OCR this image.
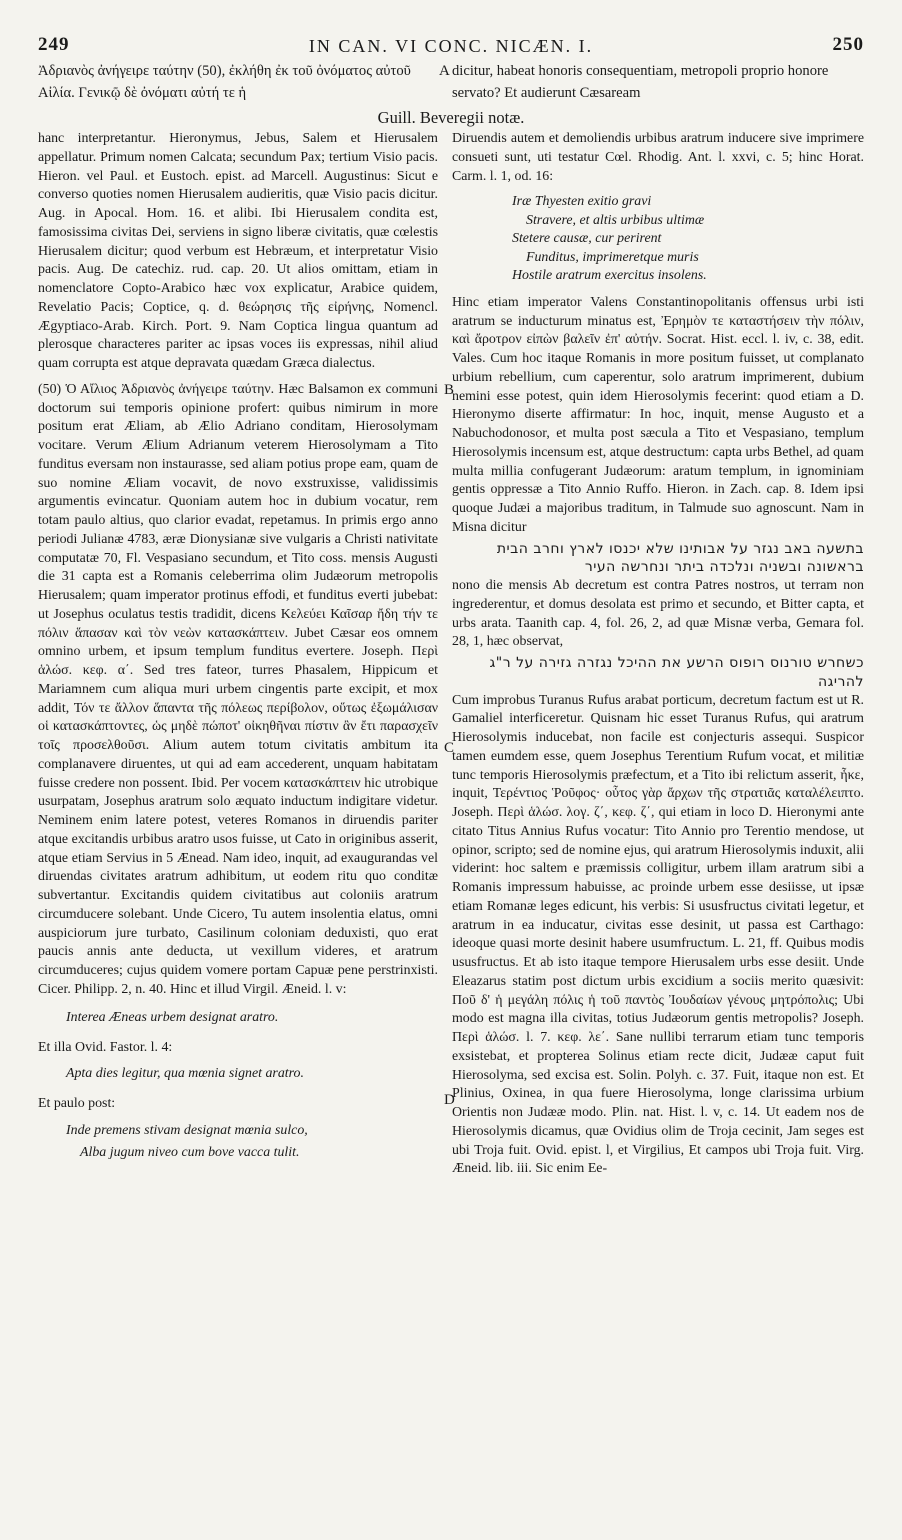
249	IN CAN. VI CONC. NICÆN. I.	250
Ἀδριανὸς ἀνήγειρε ταύτην (50), ἐκλήθη ἐκ τοῦ ὀνόματος αὐτοῦ Αἰλία. Γενικῷ δὲ ὀνόματι αὐτή τε ἡ
A dicitur, habeat honoris consequentiam, metropoli proprio honore servato? Et audierunt Cæsaream
Guill. Beveregii notæ.

hanc interpretantur. Hieronymus, Jebus, Salem et Hierusalem appellatur. Primum nomen Calcata; secundum Pax; tertium Visio pacis. Hieron. vel Paul. et Eustoch. epist. ad Marcell. Augustinus: Sicut e converso quoties nomen Hierusalem audieritis, quæ Visio pacis dicitur. Aug. in Apocal. Hom. 16. et alibi. Ibi Hierusalem condita est, famosissima civitas Dei, serviens in signo liberæ civitatis, quæ cœlestis Hierusalem dicitur; quod verbum est Hebræum, et interpretatur Visio pacis. Aug. De catechiz. rud. cap. 20. Ut alios omittam, etiam in nomenclatore Copto-Arabico hæc vox explicatur, Arabice quidem, Revelatio Pacis; Coptice, q. d. θεώρησις τῆς εἰρήνης, Nomencl. Ægyptiaco-Arab. Kirch. Port. 9. Nam Coptica lingua quantum ad plerosque characteres pariter ac ipsas voces iis expressas, nihil aliud quam corrupta est atque depravata quædam Græca dialectus.

(50) Ὁ Αἴλιος Ἀδριανὸς ἀνήγειρε ταύτην. Hæc Balsamon ex communi doctorum sui temporis opinione profert: quibus nimirum in more positum erat Æliam, ab Ælio Adriano conditam, Hierosolymam vocitare. Verum Ælium Adrianum veterem Hierosolymam a Tito funditus eversam non instaurasse, sed aliam potius prope eam, quam de suo nomine Æliam vocavit, de novo exstruxisse, validissimis argumentis evincatur. Quoniam autem hoc in dubium vocatur, rem totam paulo altius, quo clarior evadat, repetamus. In primis ergo anno periodi Julianæ 4783, æræ Dionysianæ sive vulgaris a Christi nativitate computatæ 70, Fl. Vespasiano secundum, et Tito coss. mensis Augusti die 31 capta est a Romanis celeberrima olim Judæorum metropolis Hierusalem; quam imperator protinus effodi, et funditus everti jubebat: ut Josephus oculatus testis tradidit, dicens Κελεύει Καῖσαρ ἤδη τήν τε πόλιν ἅπασαν καὶ τὸν νεὼν κατασκάπτειν. Jubet Cæsar eos omnem omnino urbem, et ipsum templum funditus evertere. Joseph. Περὶ ἁλώσ. κεφ. α΄. Sed tres fateor, turres Phasalem, Hippicum et Mariamnem cum aliqua muri urbem cingentis parte excipit, et mox addit, Τόν τε ἄλλον ἅπαντα τῆς πόλεως περίβολον, οὕτως ἐξωμάλισαν οἱ κατασκάπτοντες, ὡς μηδὲ πώποτ' οἰκηθῆναι πίστιν ἂν ἔτι παρασχεῖν τοῖς προσελθοῦσι. Alium autem totum civitatis ambitum ita complanavere diruentes, ut qui ad eam accederent, unquam habitatam fuisse credere non possent. Ibid. Per vocem κατασκάπτειν hic utrobique usurpatam, Josephus aratrum solo æquato inductum indigitare videtur. Neminem enim latere potest, veteres Romanos in diruendis pariter atque excitandis urbibus aratro usos fuisse, ut Cato in originibus asserit, atque etiam Servius in 5 Ænead. Nam ideo, inquit, ad exaugurandas vel diruendas civitates aratrum adhibitum, ut eodem ritu quo conditæ subvertantur. Excitandis quidem civitatibus aut coloniis aratrum circumducere solebant. Unde Cicero, Tu autem insolentia elatus, omni auspiciorum jure turbato, Casilinum coloniam deduxisti, quo erat paucis annis ante deducta, ut vexillum videres, et aratrum circumduceres; cujus quidem vomere portam Capuæ pene perstrinxisti. Cicer. Philipp. 2, n. 40. Hinc et illud Virgil. Æneid. l. v:

Interea Æneas urbem designat aratro.
Et illa Ovid. Fastor. l. 4:
Apta dies legitur, qua mœnia signet aratro.
Et paulo post:
Inde premens stivam designat mœnia sulco,
Alba jugum niveo cum bove vacca tulit.
B
C
D

Diruendis autem et demoliendis urbibus aratrum inducere sive imprimere consueti sunt, uti testatur Cœl. Rhodig. Ant. l. xxvi, c. 5; hinc Horat. Carm. l. 1, od. 16:

Iræ Thyesten exitio gravi
Stravere, et altis urbibus ultimæ
Stetere causæ, cur perirent
Funditus, imprimeretque muris
Hostile aratrum exercitus insolens.

Hinc etiam imperator Valens Constantinopolitanis offensus urbi isti aratrum se inducturum minatus est, Ἐρημὸν τε καταστήσειν τὴν πόλιν, καὶ ἄροτρον εἰπὼν βαλεῖν ἐπ' αὐτήν. Socrat. Hist. eccl. l. iv, c. 38, edit. Vales. Cum hoc itaque Romanis in more positum fuisset, ut complanato urbium rebellium, cum caperentur, solo aratrum imprimerent, dubium nemini esse potest, quin idem Hierosolymis fecerint: quod etiam a D. Hieronymo diserte affirmatur: In hoc, inquit, mense Augusto et a Nabuchodonosor, et multa post sæcula a Tito et Vespasiano, templum Hierosolymis incensum est, atque destructum: capta urbs Bethel, ad quam multa millia confugerant Judæorum: aratum templum, in ignominiam gentis oppressæ a Tito Annio Ruffo. Hieron. in Zach. cap. 8. Idem ipsi quoque Judæi a majoribus traditum, in Talmude suo agnoscunt. Nam in Misna dicitur

בתשעה באב נגזר על אבותינו שלא יכנסו לארץ וחרב הבית בראשונה ובשניה ונלכדה ביתר ונחרשה העיר

nono die mensis Ab decretum est contra Patres nostros, ut terram non ingrederentur, et domus desolata est primo et secundo, et Bitter capta, et urbs arata. Taanith cap. 4, fol. 26, 2, ad quæ Misnæ verba, Gemara fol. 28, 1, hæc observat,

כשחרש טורנוס רופוס הרשע את ההיכל נגזרה גזירה על ר"ג להריגה

Cum improbus Turanus Rufus arabat porticum, decretum factum est ut R. Gamaliel interficeretur. Quisnam hic esset Turanus Rufus, qui aratrum Hierosolymis inducebat, non facile est conjecturis assequi. Suspicor tamen eumdem esse, quem Josephus Terentium Rufum vocat, et militiæ tunc temporis Hierosolymis præfectum, et a Tito ibi relictum asserit, ἦκε, inquit, Τερέντιος Ῥοῦφος· οὗτος γὰρ ἄρχων τῆς στρατιᾶς καταλέλειπτο. Joseph. Περὶ ἁλώσ. λογ. ζ΄, κεφ. ζ΄, qui etiam in loco D. Hieronymi ante citato Titus Annius Rufus vocatur: Tito Annio pro Terentio mendose, ut opinor, scripto; sed de nomine ejus, qui aratrum Hierosolymis induxit, alii viderint: hoc saltem e præmissis colligitur, urbem illam aratrum sibi a Romanis impressum habuisse, ac proinde urbem esse desiisse, ut ipsæ etiam Romanæ leges edicunt, his verbis: Si ususfructus civitati legetur, et aratrum in ea inducatur, civitas esse desinit, ut passa est Carthago: ideoque quasi morte desinit habere usumfructum. L. 21, ff. Quibus modis ususfructus. Et ab isto itaque tempore Hierusalem urbs esse desiit. Unde Eleazarus statim post dictum urbis excidium a sociis merito quæsivit: Ποῦ δ' ἡ μεγάλη πόλις ἡ τοῦ παντὸς Ἰουδαίων γένους μητρόπολις; Ubi modo est magna illa civitas, totius Judæorum gentis metropolis? Joseph. Περὶ ἁλώσ. l. 7. κεφ. λε΄. Sane nullibi terrarum etiam tunc temporis exsistebat, et propterea Solinus etiam recte dicit, Judææ caput fuit Hierosolyma, sed excisa est. Solin. Polyh. c. 37. Fuit, itaque non est. Et Plinius, Oxinea, in qua fuere Hierosolyma, longe clarissima urbium Orientis non Judææ modo. Plin. nat. Hist. l. v, c. 14. Ut eadem nos de Hierosolymis dicamus, quæ Ovidius olim de Troja cecinit, Jam seges est ubi Troja fuit. Ovid. epist. l, et Virgilius, Et campos ubi Troja fuit. Virg. Æneid. lib. iii. Sic enim Ee-
